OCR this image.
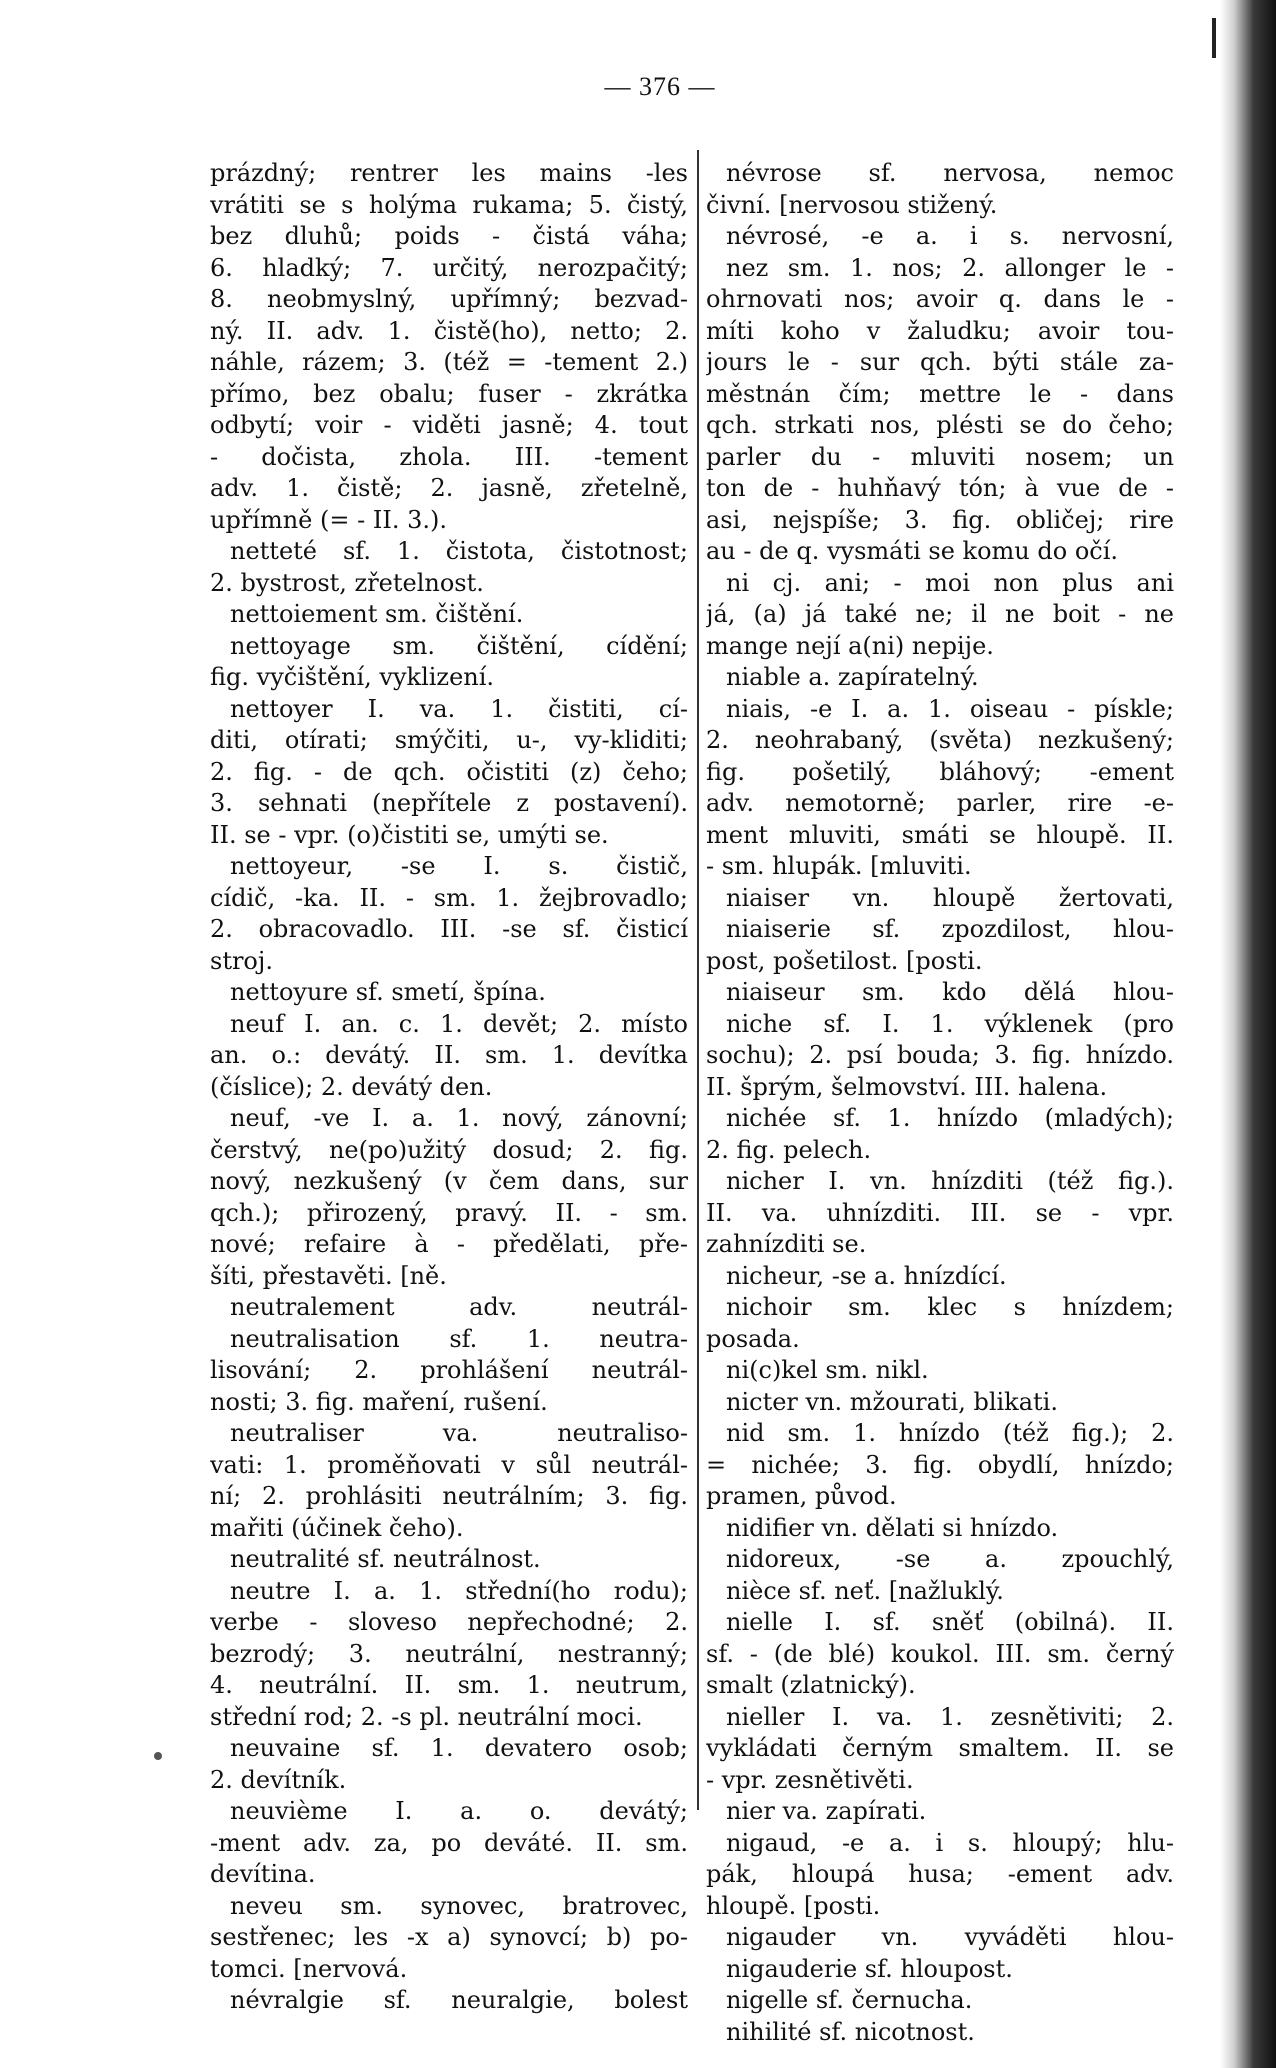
— 376 —
prázdný; rentrer les mains -les
vrátiti se s holýma rukama; 5. čistý,
bez dluhů; poids - čistá váha;
6. hladký; 7. určitý, nerozpačitý;
8. neobmyslný, upřímný; bezvad-
ný. II. adv. 1. čistě(ho), netto; 2.
náhle, rázem; 3. (též = -tement 2.)
přímo, bez obalu; fuser - zkrátka
odbytí; voir - viděti jasně; 4. tout
- dočista, zhola. III. -tement
adv. 1. čistě; 2. jasně, zřetelně,
upřímně (= - II. 3.).
netteté sf. 1. čistota, čistotnost;
2. bystrost, zřetelnost.
nettoiement sm. čištění.
nettoyage sm. čištění, cídění;
fig. vyčištění, vyklizení.
nettoyer I. va. 1. čistiti, cí-
diti, otírati; smýčiti, u-, vy-kliditi;
2. fig. - de qch. očistiti (z) čeho;
3. sehnati (nepřítele z postavení).
II. se - vpr. (o)čistiti se, umýti se.
nettoyeur, -se I. s. čistič,
cídič, -ka. II. - sm. 1. žejbrovadlo;
2. obracovadlo. III. -se sf. čisticí
stroj.
nettoyure sf. smetí, špína.
neuf I. an. c. 1. devět; 2. místo
an. o.: devátý. II. sm. 1. devítka
(číslice); 2. devátý den.
neuf, -ve I. a. 1. nový, zánovní;
čerstvý, ne(po)užitý dosud; 2. fig.
nový, nezkušený (v čem dans, sur
qch.); přirozený, pravý. II. - sm.
nové; refaire à - předělati, pře-
šíti, přestavěti. [ně.
neutralement adv. neutrál-
neutralisation sf. 1. neutra-
lisování; 2. prohlášení neutrál-
nosti; 3. fig. maření, rušení.
neutraliser va. neutraliso-
vati: 1. proměňovati v sůl neutrál-
ní; 2. prohlásiti neutrálním; 3. fig.
mařiti (účinek čeho).
neutralité sf. neutrálnost.
neutre I. a. 1. střední(ho rodu);
verbe - sloveso nepřechodné; 2.
bezrodý; 3. neutrální, nestranný;
4. neutrální. II. sm. 1. neutrum,
střední rod; 2. -s pl. neutrální moci.
neuvaine sf. 1. devatero osob;
2. devítník.
neuvième I. a. o. devátý;
-ment adv. za, po deváté. II. sm.
devítina.
neveu sm. synovec, bratrovec,
sestřenec; les -x a) synovcí; b) po-
tomci. [nervová.
névralgie sf. neuralgie, bolest
névrose sf. nervosa, nemoc
čivní. [nervosou stižený.
névrosé, -e a. i s. nervosní,
nez sm. 1. nos; 2. allonger le -
ohrnovati nos; avoir q. dans le -
míti koho v žaludku; avoir tou-
jours le - sur qch. býti stále za-
městnán čím; mettre le - dans
qch. strkati nos, plésti se do čeho;
parler du - mluviti nosem; un
ton de - huhňavý tón; à vue de -
asi, nejspíše; 3. fig. obličej; rire
au - de q. vysmáti se komu do očí.
ni cj. ani; - moi non plus ani
já, (a) já také ne; il ne boit - ne
mange nejí a(ni) nepije.
niable a. zapíratelný.
niais, -e I. a. 1. oiseau - pískle;
2. neohrabaný, (světa) nezkušený;
fig. pošetilý, bláhový; -ement
adv. nemotorně; parler, rire -e-
ment mluviti, smáti se hloupě. II.
- sm. hlupák. [mluviti.
niaiser vn. hloupě žertovati,
niaiserie sf. zpozdilost, hlou-
post, pošetilost. [posti.
niaiseur sm. kdo dělá hlou-
niche sf. I. 1. výklenek (pro
sochu); 2. psí bouda; 3. fig. hnízdo.
II. šprým, šelmovství. III. halena.
nichée sf. 1. hnízdo (mladých);
2. fig. pelech.
nicher I. vn. hnízditi (též fig.).
II. va. uhnízditi. III. se - vpr.
zahnízditi se.
nicheur, -se a. hnízdící.
nichoir sm. klec s hnízdem;
posada.
ni(c)kel sm. nikl.
nicter vn. mžourati, blikati.
nid sm. 1. hnízdo (též fig.); 2.
= nichée; 3. fig. obydlí, hnízdo;
pramen, původ.
nidifier vn. dělati si hnízdo.
nidoreux, -se a. zpouchlý,
nièce sf. neť. [nažluklý.
nielle I. sf. sněť (obilná). II.
sf. - (de blé) koukol. III. sm. černý
smalt (zlatnický).
nieller I. va. 1. zesnětiviti; 2.
vykládati černým smaltem. II. se
- vpr. zesnětivěti.
nier va. zapírati.
nigaud, -e a. i s. hloupý; hlu-
pák, hloupá husa; -ement adv.
hloupě. [posti.
nigauder vn. vyváděti hlou-
nigauderie sf. hloupost.
nigelle sf. černucha.
nihilité sf. nicotnost.
